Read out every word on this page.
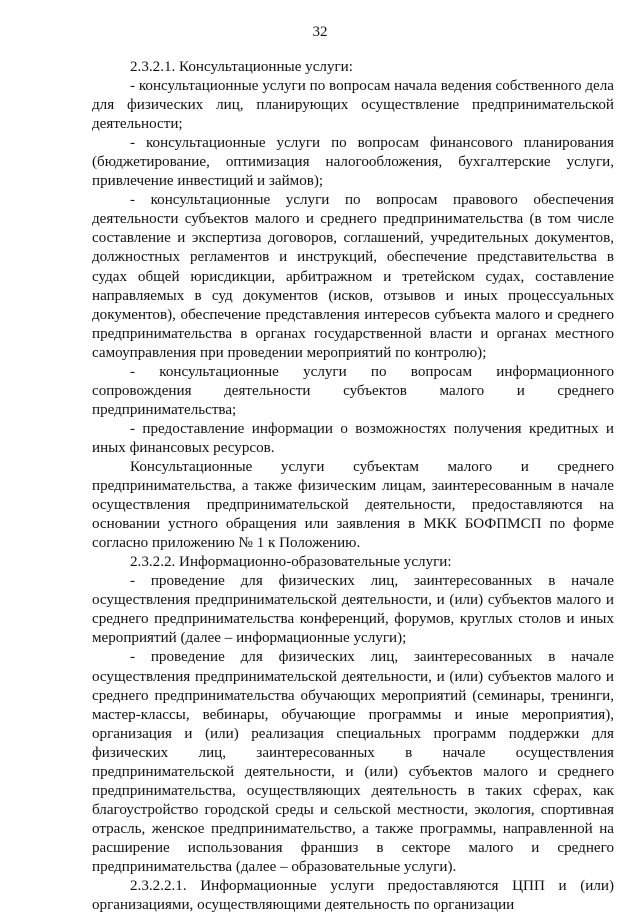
32

2.3.2.1. Консультационные услуги:

- консультационные услуги по вопросам начала ведения собственного дела для физических лиц, планирующих осуществление предпринимательской деятельности;

- консультационные услуги по вопросам финансового планирования (бюджетирование, оптимизация налогообложения, бухгалтерские услуги, привлечение инвестиций и займов);

- консультационные услуги по вопросам правового обеспечения деятельности субъектов малого и среднего предпринимательства (в том числе составление и экспертиза договоров, соглашений, учредительных документов, должностных регламентов и инструкций, обеспечение представительства в судах общей юрисдикции, арбитражном и третейском судах, составление направляемых в суд документов (исков, отзывов и иных процессуальных документов), обеспечение представления интересов субъекта малого и среднего предпринимательства в органах государственной власти и органах местного самоуправления при проведении мероприятий по контролю);

- консультационные услуги по вопросам информационного сопровождения деятельности субъектов малого и среднего предпринимательства;

- предоставление информации о возможностях получения кредитных и иных финансовых ресурсов.

Консультационные услуги субъектам малого и среднего предпринимательства, а также физическим лицам, заинтересованным в начале осуществления предпринимательской деятельности, предоставляются на основании устного обращения или заявления в МКК БОФПМСП по форме согласно приложению № 1 к Положению.

2.3.2.2. Информационно-образовательные услуги:

- проведение для физических лиц, заинтересованных в начале осуществления предпринимательской деятельности, и (или) субъектов малого и среднего предпринимательства конференций, форумов, круглых столов и иных мероприятий (далее – информационные услуги);

- проведение для физических лиц, заинтересованных в начале осуществления предпринимательской деятельности, и (или) субъектов малого и среднего предпринимательства обучающих мероприятий (семинары, тренинги, мастер-классы, вебинары, обучающие программы и иные мероприятия), организация и (или) реализация специальных программ поддержки для физических лиц, заинтересованных в начале осуществления предпринимательской деятельности, и (или) субъектов малого и среднего предпринимательства, осуществляющих деятельность в таких сферах, как благоустройство городской среды и сельской местности, экология, спортивная отрасль, женское предпринимательство, а также программы, направленной на расширение использования франшиз в секторе малого и среднего предпринимательства (далее – образовательные услуги).

2.3.2.2.1. Информационные услуги предоставляются ЦПП и (или) организациями, осуществляющими деятельность по организации
